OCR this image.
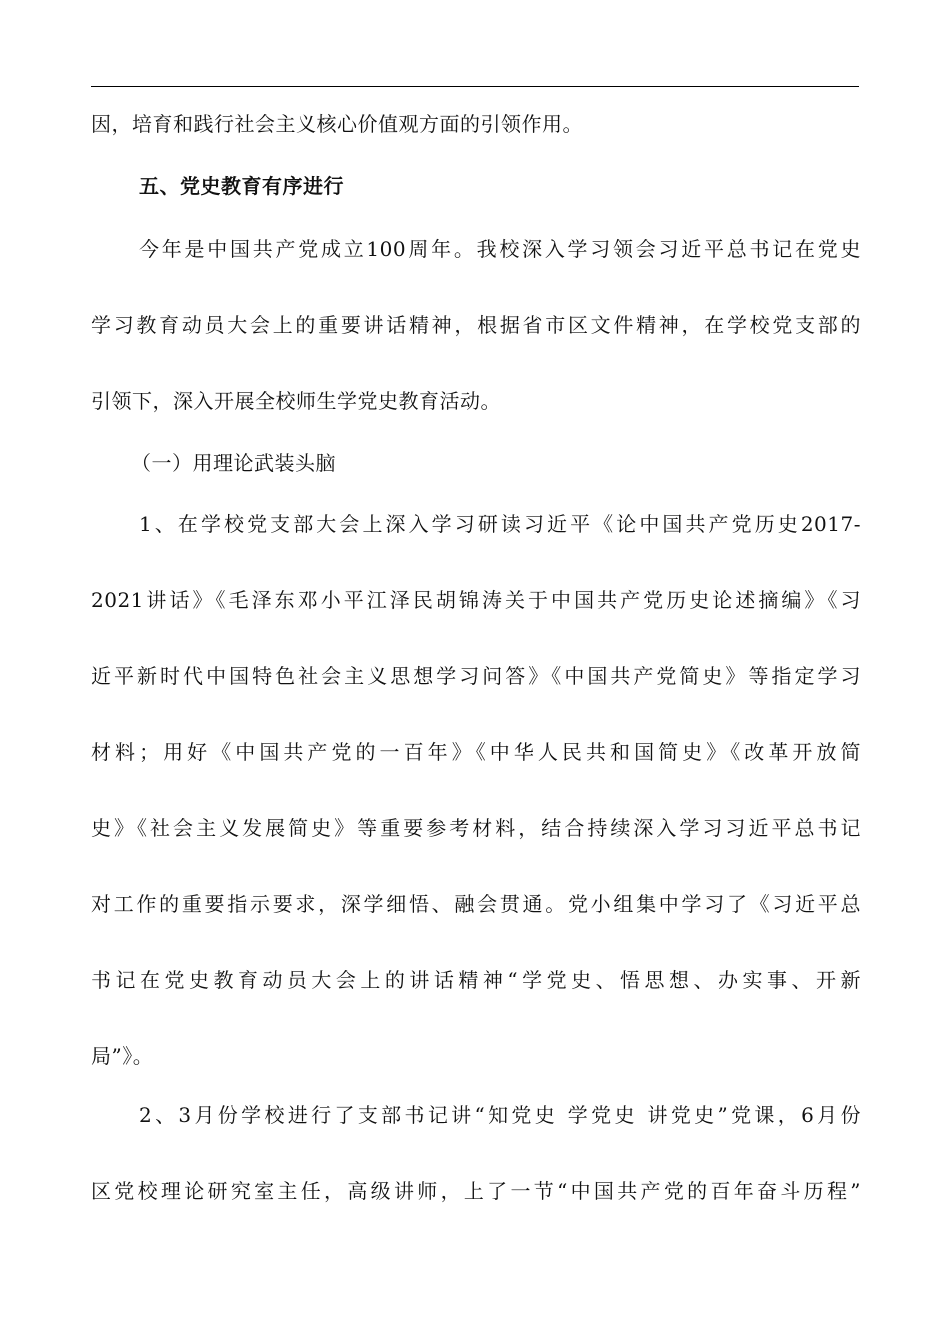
因，培育和践行社会主义核心价值观方面的引领作用。
五、党史教育有序进行
今年是中国共产党成立100周年。我校深入学习领会习近平总书记在党史
学习教育动员大会上的重要讲话精神，根据省市区文件精神，在学校党支部的
引领下，深入开展全校师生学党史教育活动。
（一）用理论武装头脑
1、在学校党支部大会上深入学习研读习近平《论中国共产党历史2017-
2021讲话》《毛泽东邓小平江泽民胡锦涛关于中国共产党历史论述摘编》《习
近平新时代中国特色社会主义思想学习问答》《中国共产党简史》等指定学习
材料；用好《中国共产党的一百年》《中华人民共和国简史》《改革开放简
史》《社会主义发展简史》等重要参考材料，结合持续深入学习习近平总书记
对工作的重要指示要求，深学细悟、融会贯通。党小组集中学习了《习近平总
书记在党史教育动员大会上的讲话精神“学党史、悟思想、办实事、开新
局”》。
2、3月份学校进行了支部书记讲“知党史 学党史 讲党史”党课，6月份
区党校理论研究室主任，高级讲师，上了一节“中国共产党的百年奋斗历程”
